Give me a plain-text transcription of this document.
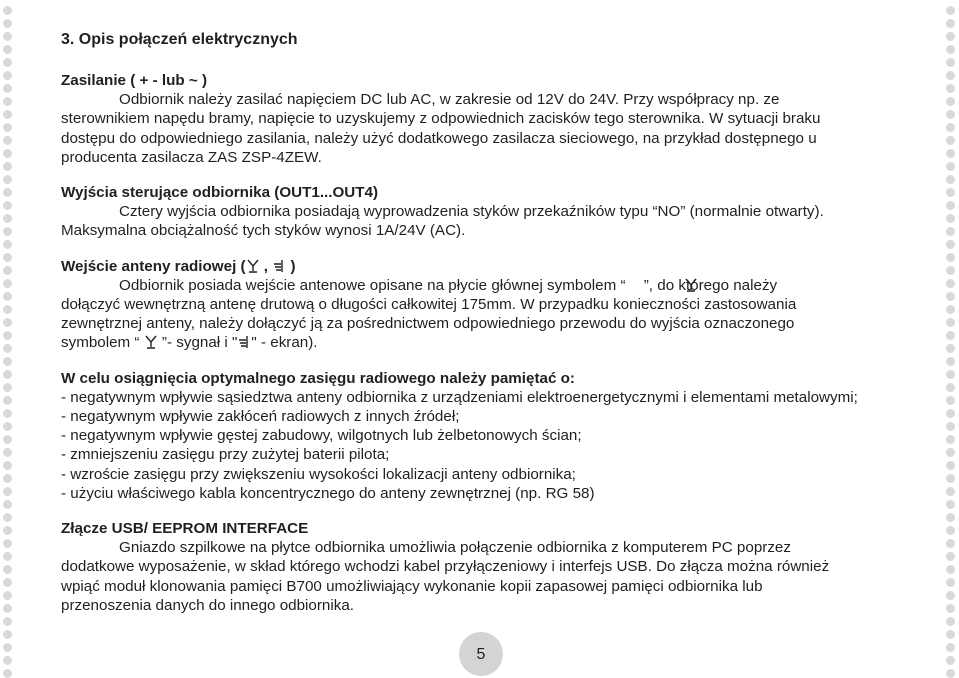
3. Opis połączeń elektrycznych

Zasilanie ( + - lub ~ )

Odbiornik należy zasilać napięciem DC lub AC, w zakresie od 12V do 24V. Przy współpracy np. ze

sterownikiem napędu bramy, napięcie to uzyskujemy z odpowiednich zacisków tego sterownika. W sytuacji braku

dostępu do odpowiedniego zasilania, należy użyć dodatkowego zasilacza sieciowego, na przykład dostępnego u

producenta zasilacza ZAS ZSP-4ZEW.

Wyjścia sterujące odbiornika (OUT1...OUT4)

Cztery wyjścia odbiornika posiadają wyprowadzenia styków przekaźników typu “NO” (normalnie otwarty).

Maksymalna obciążalność tych styków wynosi 1A/24V (AC).

Wejście anteny radiowej ( ,  )

Odbiornik posiada wejście antenowe opisane na płycie głównej symbolem “ ”, do którego należy

dołączyć wewnętrzną antenę drutową o długości całkowitej 175mm. W przypadku konieczności zastosowania

zewnętrznej anteny, należy dołączyć ją za pośrednictwem odpowiedniego przewodu do wyjścia oznaczonego

symbolem “  ”- sygnał i " " - ekran).

W celu osiągnięcia optymalnego zasięgu radiowego należy pamiętać o:

- negatywnym wpływie sąsiedztwa anteny odbiornika z urządzeniami elektroenergetycznymi i elementami metalowymi;
- negatywnym wpływie zakłóceń radiowych z innych źródeł;
- negatywnym wpływie gęstej zabudowy, wilgotnych lub żelbetonowych ścian;
- zmniejszeniu zasięgu przy zużytej baterii pilota;
- wzroście zasięgu przy zwiększeniu wysokości lokalizacji anteny odbiornika;
- użyciu właściwego kabla koncentrycznego do anteny zewnętrznej (np. RG 58)

Złącze USB/ EEPROM INTERFACE

Gniazdo szpilkowe na płytce odbiornika umożliwia połączenie odbiornika z komputerem PC poprzez

dodatkowe wyposażenie, w skład którego wchodzi kabel przyłączeniowy i interfejs USB. Do złącza można również

wpiąć moduł klonowania pamięci B700 umożliwiający wykonanie kopii zapasowej pamięci odbiornika lub

przenoszenia danych do innego odbiornika.

5
